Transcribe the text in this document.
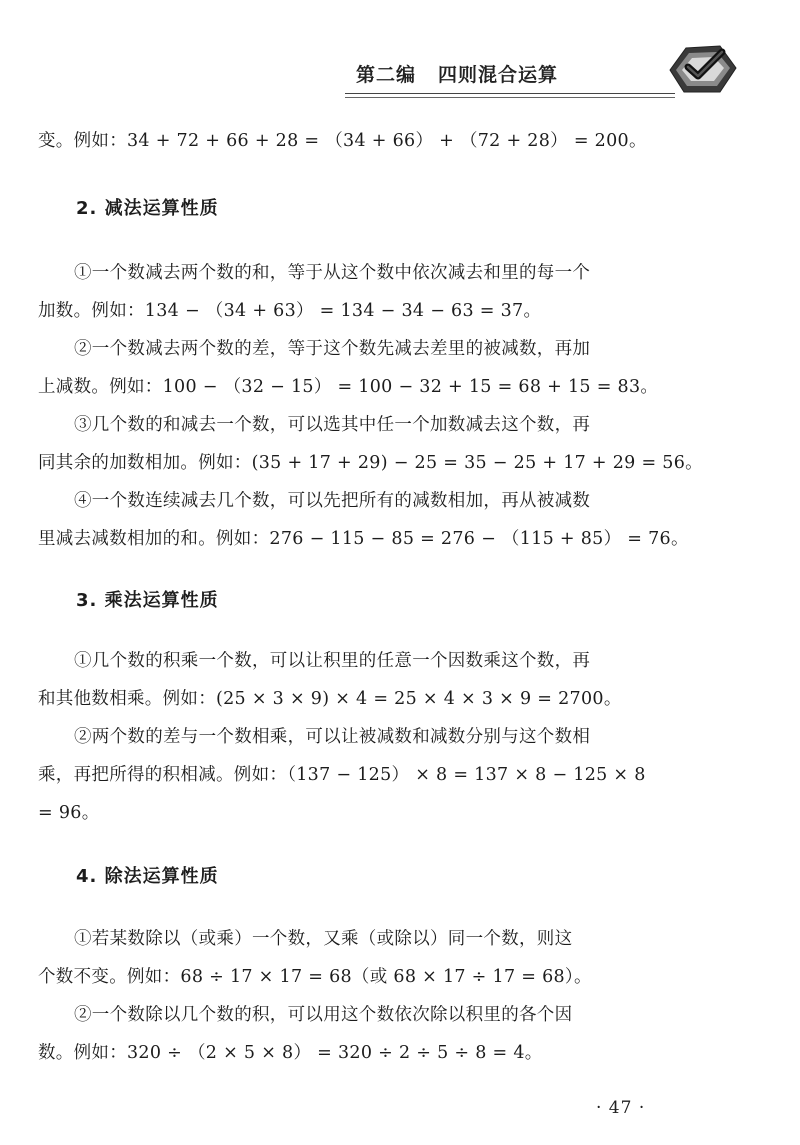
第二编 四则混合运算

变。例如：34 + 72 + 66 + 28 = （34 + 66） + （72 + 28） = 200。

2. 减法运算性质

①一个数减去两个数的和，等于从这个数中依次减去和里的每一个

加数。例如：134 − （34 + 63） = 134 − 34 − 63 = 37。

②一个数减去两个数的差，等于这个数先减去差里的被减数，再加

上减数。例如：100 − （32 − 15） = 100 − 32 + 15 = 68 + 15 = 83。

③几个数的和减去一个数，可以选其中任一个加数减去这个数，再

同其余的加数相加。例如：(35 + 17 + 29) − 25 = 35 − 25 + 17 + 29 = 56。

④一个数连续减去几个数，可以先把所有的减数相加，再从被减数

里减去减数相加的和。例如：276 − 115 − 85 = 276 − （115 + 85） = 76。

3. 乘法运算性质

①几个数的积乘一个数，可以让积里的任意一个因数乘这个数，再

和其他数相乘。例如：(25 × 3 × 9) × 4 = 25 × 4 × 3 × 9 = 2700。

②两个数的差与一个数相乘，可以让被减数和减数分别与这个数相

乘，再把所得的积相减。例如：（137 − 125） × 8 = 137 × 8 − 125 × 8

= 96。

4. 除法运算性质

①若某数除以（或乘）一个数，又乘（或除以）同一个数，则这

个数不变。例如：68 ÷ 17 × 17 = 68（或 68 × 17 ÷ 17 = 68）。

②一个数除以几个数的积，可以用这个数依次除以积里的各个因

数。例如：320 ÷ （2 × 5 × 8） = 320 ÷ 2 ÷ 5 ÷ 8 = 4。

· 47 ·
